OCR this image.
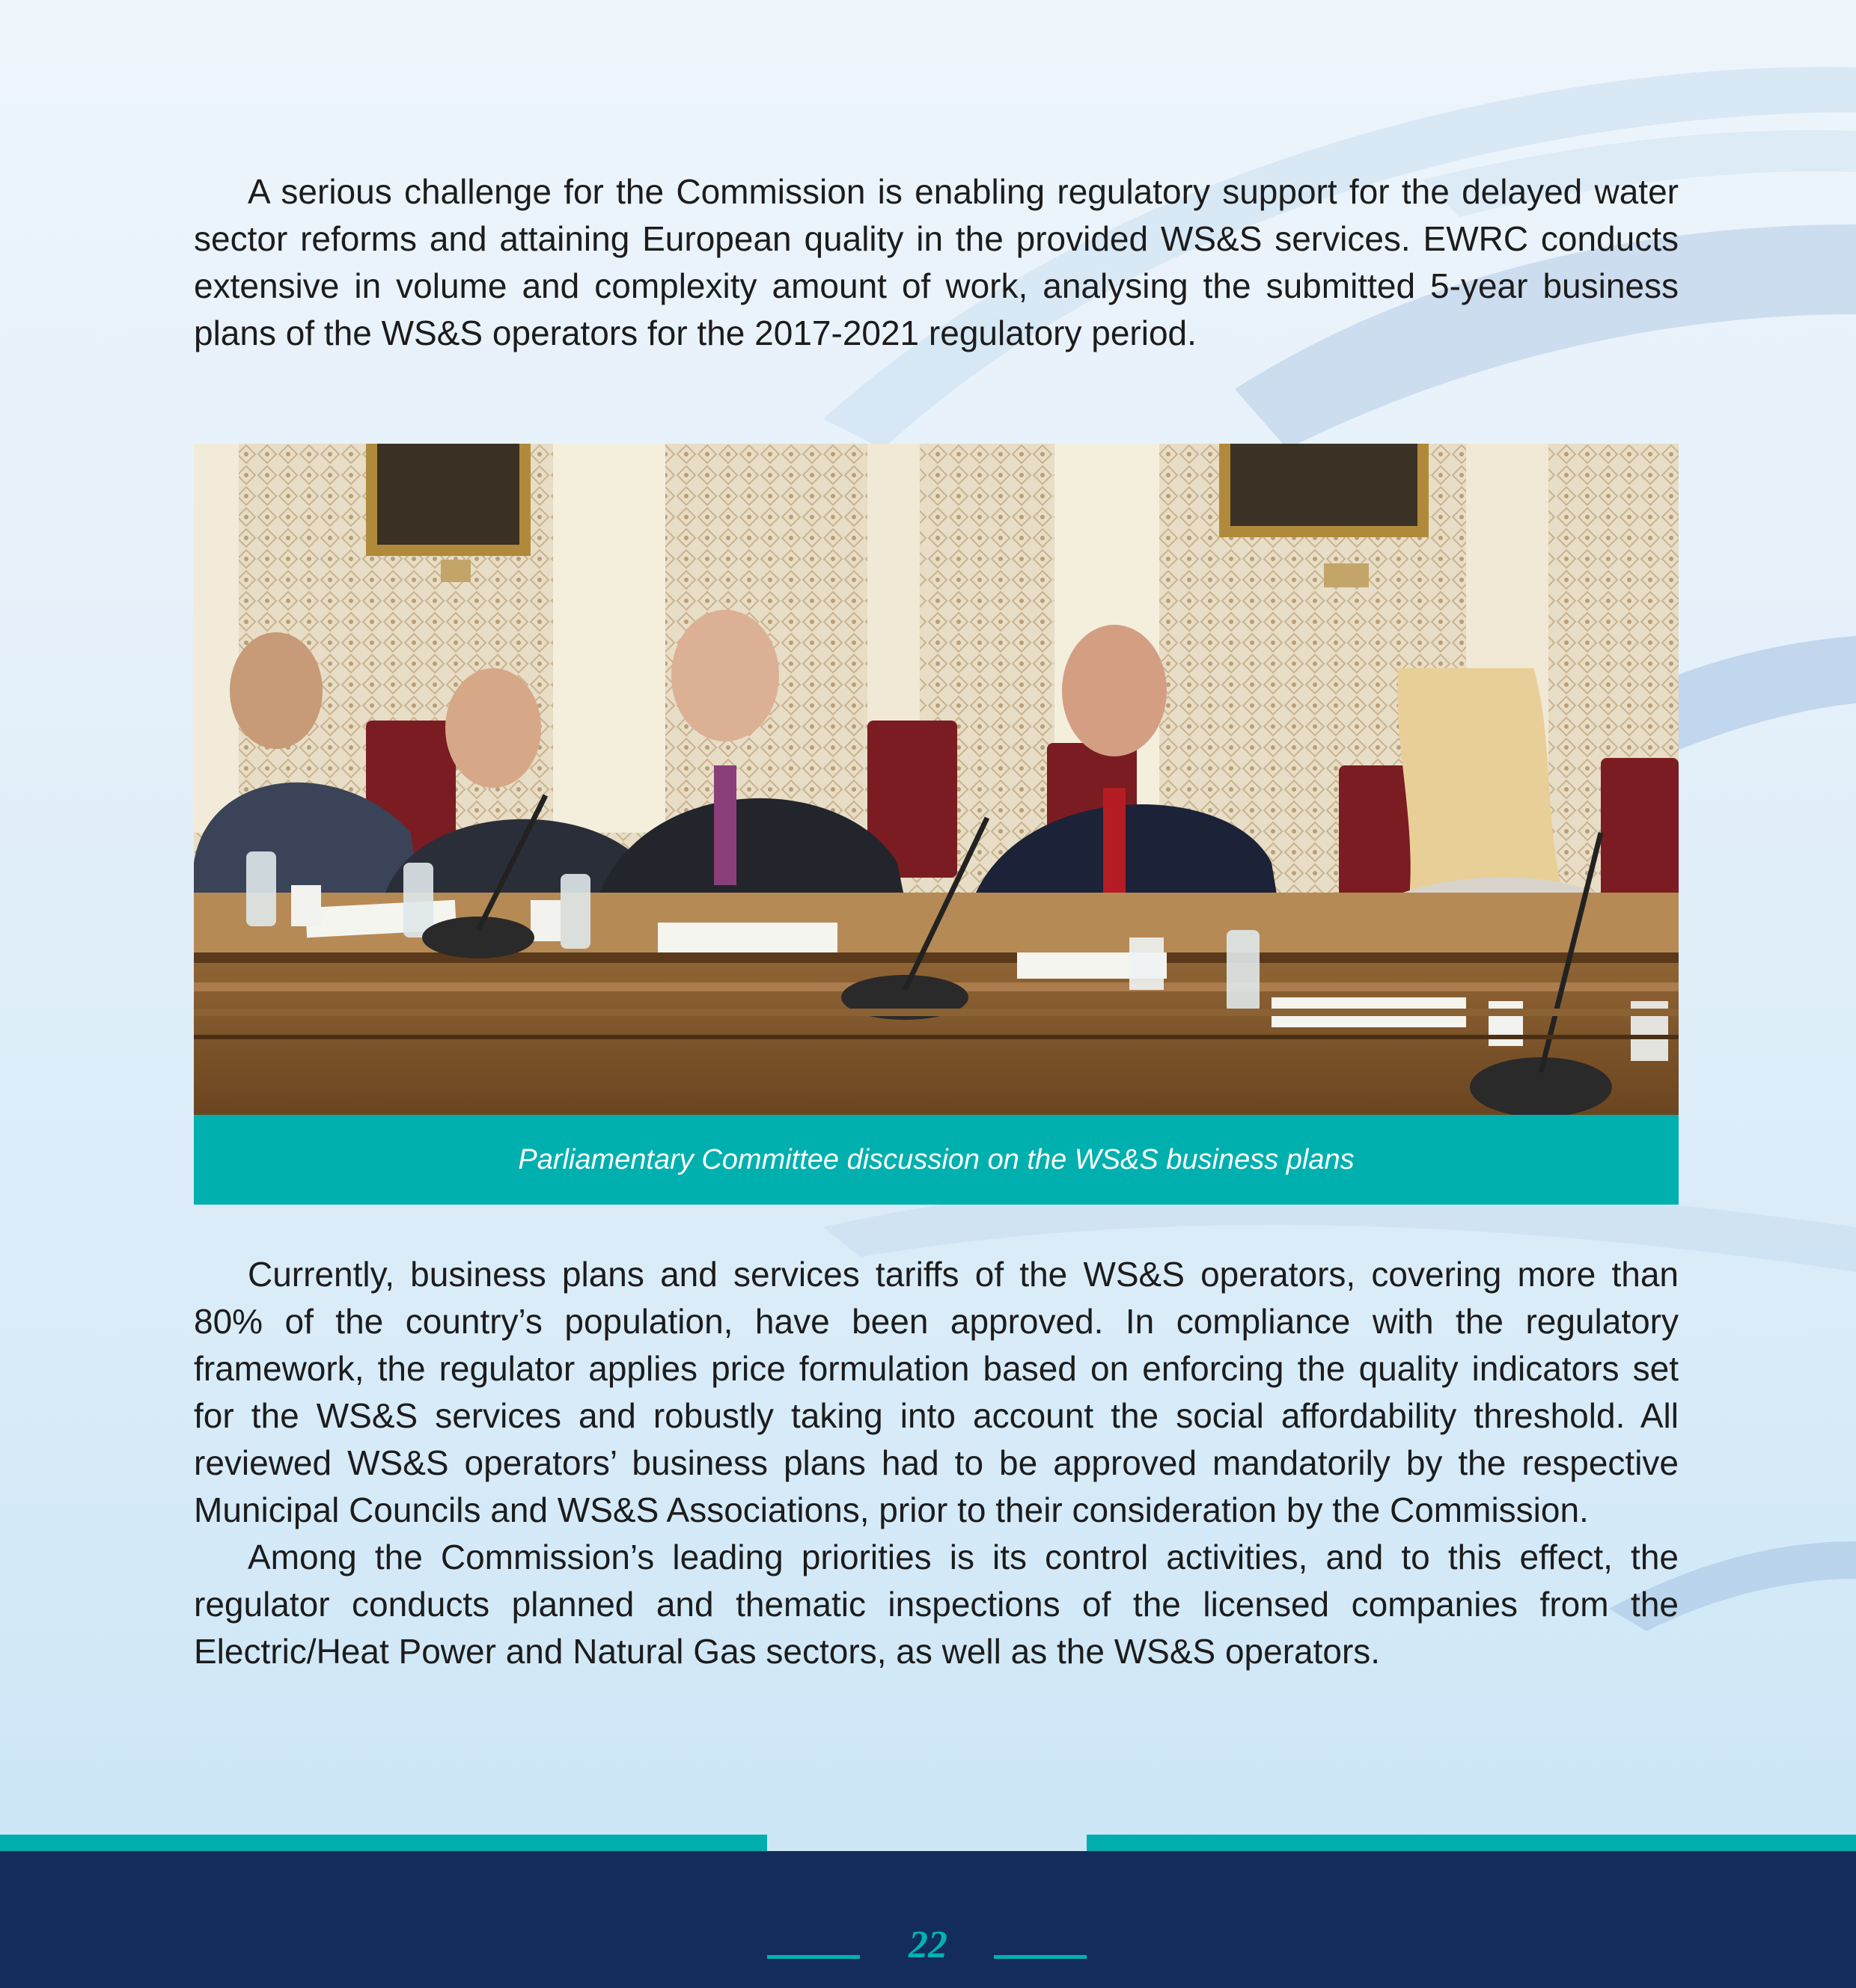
A serious challenge for the Commission is enabling regulatory support for the delayed water sector reforms and attaining European quality in the provided WS&S services. EWRC conducts extensive in volume and complexity amount of work, analysing the submitted 5-year business plans of the WS&S operators for the 2017-2021 regulatory period.

Parliamentary Committee discussion on the WS&S business plans

Currently, business plans and services tariffs of the WS&S operators, covering more than 80% of the country’s population, have been approved. In compliance with the regulatory framework, the regulator applies price formulation based on enforcing the quality indicators set for the WS&S services and robustly taking into account the social affordability threshold. All reviewed WS&S operators’ business plans had to be approved mandatorily by the respective Municipal Councils and WS&S Associations, prior to their consideration by the Commission.

Among the Commission’s leading priorities is its control activities, and to this effect, the regulator conducts planned and thematic inspections of the licensed companies from the Electric/Heat Power and Natural Gas sectors, as well as the WS&S operators.

22
